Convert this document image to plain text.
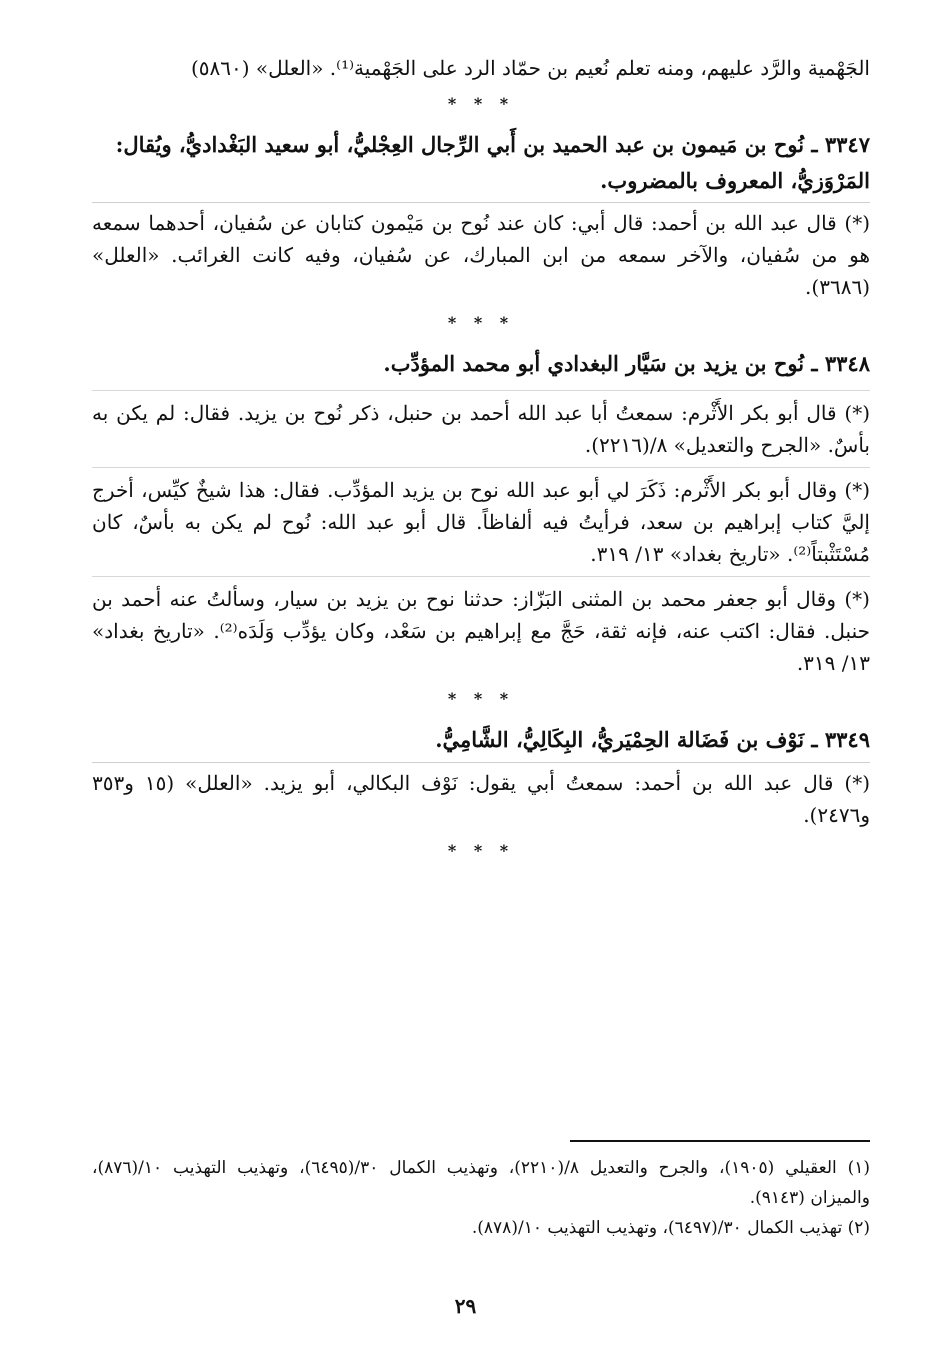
الجَهْمية والرَّد عليهم، ومنه تعلم نُعيم بن حمّاد الرد على الجَهْمية⁽¹⁾. «العلل» (٥٨٦٠)

* * *

٣٣٤٧ ـ نُوح بن مَيمون بن عبد الحميد بن أَبي الرِّجال العِجْليُّ، أبو سعيد البَغْداديُّ، ويُقال: المَرْوَزيُّ، المعروف بالمضروب.

(*) قال عبد الله بن أحمد: قال أبي: كان عند نُوح بن مَيْمون كتابان عن سُفيان، أحدهما سمعه هو من سُفيان، والآخر سمعه من ابن المبارك، عن سُفيان، وفيه كانت الغرائب. «العلل» (٣٦٨٦).

* * *

٣٣٤٨ ـ نُوح بن يزيد بن سَيَّار البغدادي أبو محمد المؤدِّب.

(*) قال أبو بكر الأَثْرم: سمعتُ أبا عبد الله أحمد بن حنبل، ذكر نُوح بن يزيد. فقال: لم يكن به بأسٌ. «الجرح والتعديل» ٨/(٢٢١٦).

(*) وقال أبو بكر الأَثْرم: ذَكَرَ لي أبو عبد الله نوح بن يزيد المؤدِّب. فقال: هذا شيخٌ كيِّس، أخرج إليَّ كتاب إبراهيم بن سعد، فرأيتُ فيه ألفاظاً. قال أبو عبد الله: نُوح لم يكن به بأسٌ، كان مُسْتَثْبتاً⁽²⁾. «تاريخ بغداد» ١٣/ ٣١٩.

(*) وقال أبو جعفر محمد بن المثنى البَزّاز: حدثنا نوح بن يزيد بن سيار، وسألتُ عنه أحمد بن حنبل. فقال: اكتب عنه، فإنه ثقة، حَجَّ مع إبراهيم بن سَعْد، وكان يؤدِّب وَلَدَه⁽²⁾. «تاريخ بغداد» ١٣/ ٣١٩.

* * *

٣٣٤٩ ـ نَوْف بن فَضَالة الحِمْيَريُّ، البِكَالِيُّ، الشَّامِيُّ.

(*) قال عبد الله بن أحمد: سمعتُ أبي يقول: نَوْف البكالي، أبو يزيد. «العلل» (١٥ و٣٥٣ و٢٤٧٦).

* * *

(١) العقيلي (١٩٠٥)، والجرح والتعديل ٨/(٢٢١٠)، وتهذيب الكمال ٣٠/(٦٤٩٥)، وتهذيب التهذيب ١٠/(٨٧٦)، والميزان (٩١٤٣).

(٢) تهذيب الكمال ٣٠/(٦٤٩٧)، وتهذيب التهذيب ١٠/(٨٧٨).

٢٩
